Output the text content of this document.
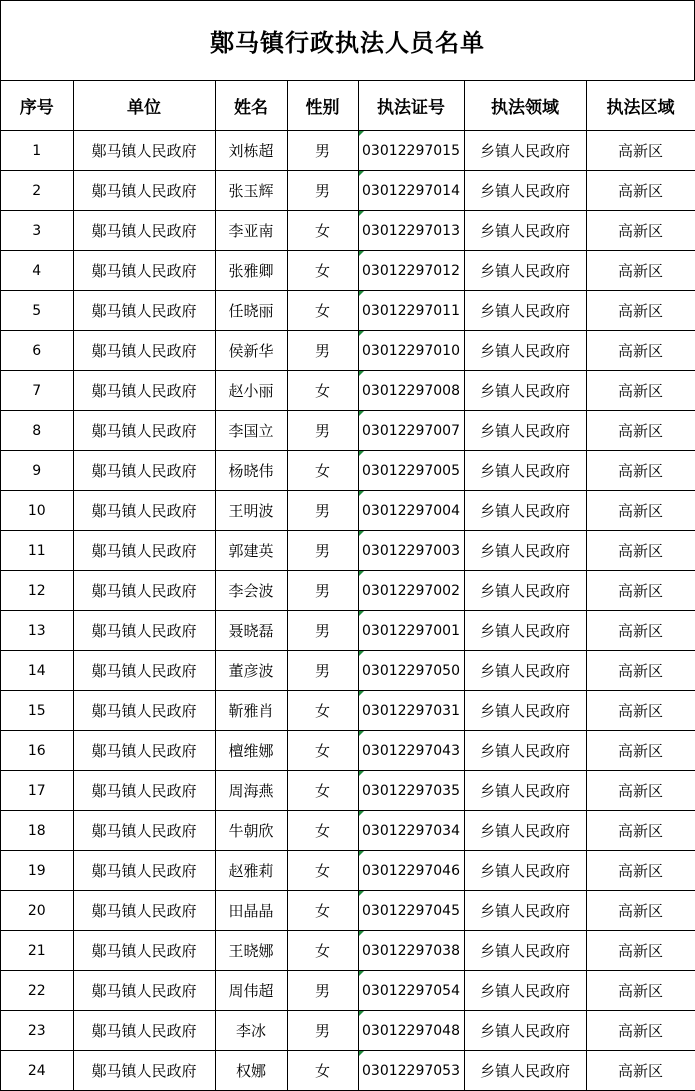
鄚马镇行政执法人员名单
序号	单位	姓名	性别	执法证号	执法领域	执法区域
1	鄚马镇人民政府	刘栋超	男	03012297015	乡镇人民政府	高新区
2	鄚马镇人民政府	张玉辉	男	03012297014	乡镇人民政府	高新区
3	鄚马镇人民政府	李亚南	女	03012297013	乡镇人民政府	高新区
4	鄚马镇人民政府	张雅卿	女	03012297012	乡镇人民政府	高新区
5	鄚马镇人民政府	任晓丽	女	03012297011	乡镇人民政府	高新区
6	鄚马镇人民政府	侯新华	男	03012297010	乡镇人民政府	高新区
7	鄚马镇人民政府	赵小丽	女	03012297008	乡镇人民政府	高新区
8	鄚马镇人民政府	李国立	男	03012297007	乡镇人民政府	高新区
9	鄚马镇人民政府	杨晓伟	女	03012297005	乡镇人民政府	高新区
10	鄚马镇人民政府	王明波	男	03012297004	乡镇人民政府	高新区
11	鄚马镇人民政府	郭建英	男	03012297003	乡镇人民政府	高新区
12	鄚马镇人民政府	李会波	男	03012297002	乡镇人民政府	高新区
13	鄚马镇人民政府	聂晓磊	男	03012297001	乡镇人民政府	高新区
14	鄚马镇人民政府	董彦波	男	03012297050	乡镇人民政府	高新区
15	鄚马镇人民政府	靳雅肖	女	03012297031	乡镇人民政府	高新区
16	鄚马镇人民政府	檀维娜	女	03012297043	乡镇人民政府	高新区
17	鄚马镇人民政府	周海燕	女	03012297035	乡镇人民政府	高新区
18	鄚马镇人民政府	牛朝欣	女	03012297034	乡镇人民政府	高新区
19	鄚马镇人民政府	赵雅莉	女	03012297046	乡镇人民政府	高新区
20	鄚马镇人民政府	田晶晶	女	03012297045	乡镇人民政府	高新区
21	鄚马镇人民政府	王晓娜	女	03012297038	乡镇人民政府	高新区
22	鄚马镇人民政府	周伟超	男	03012297054	乡镇人民政府	高新区
23	鄚马镇人民政府	李冰	男	03012297048	乡镇人民政府	高新区
24	鄚马镇人民政府	权娜	女	03012297053	乡镇人民政府	高新区
